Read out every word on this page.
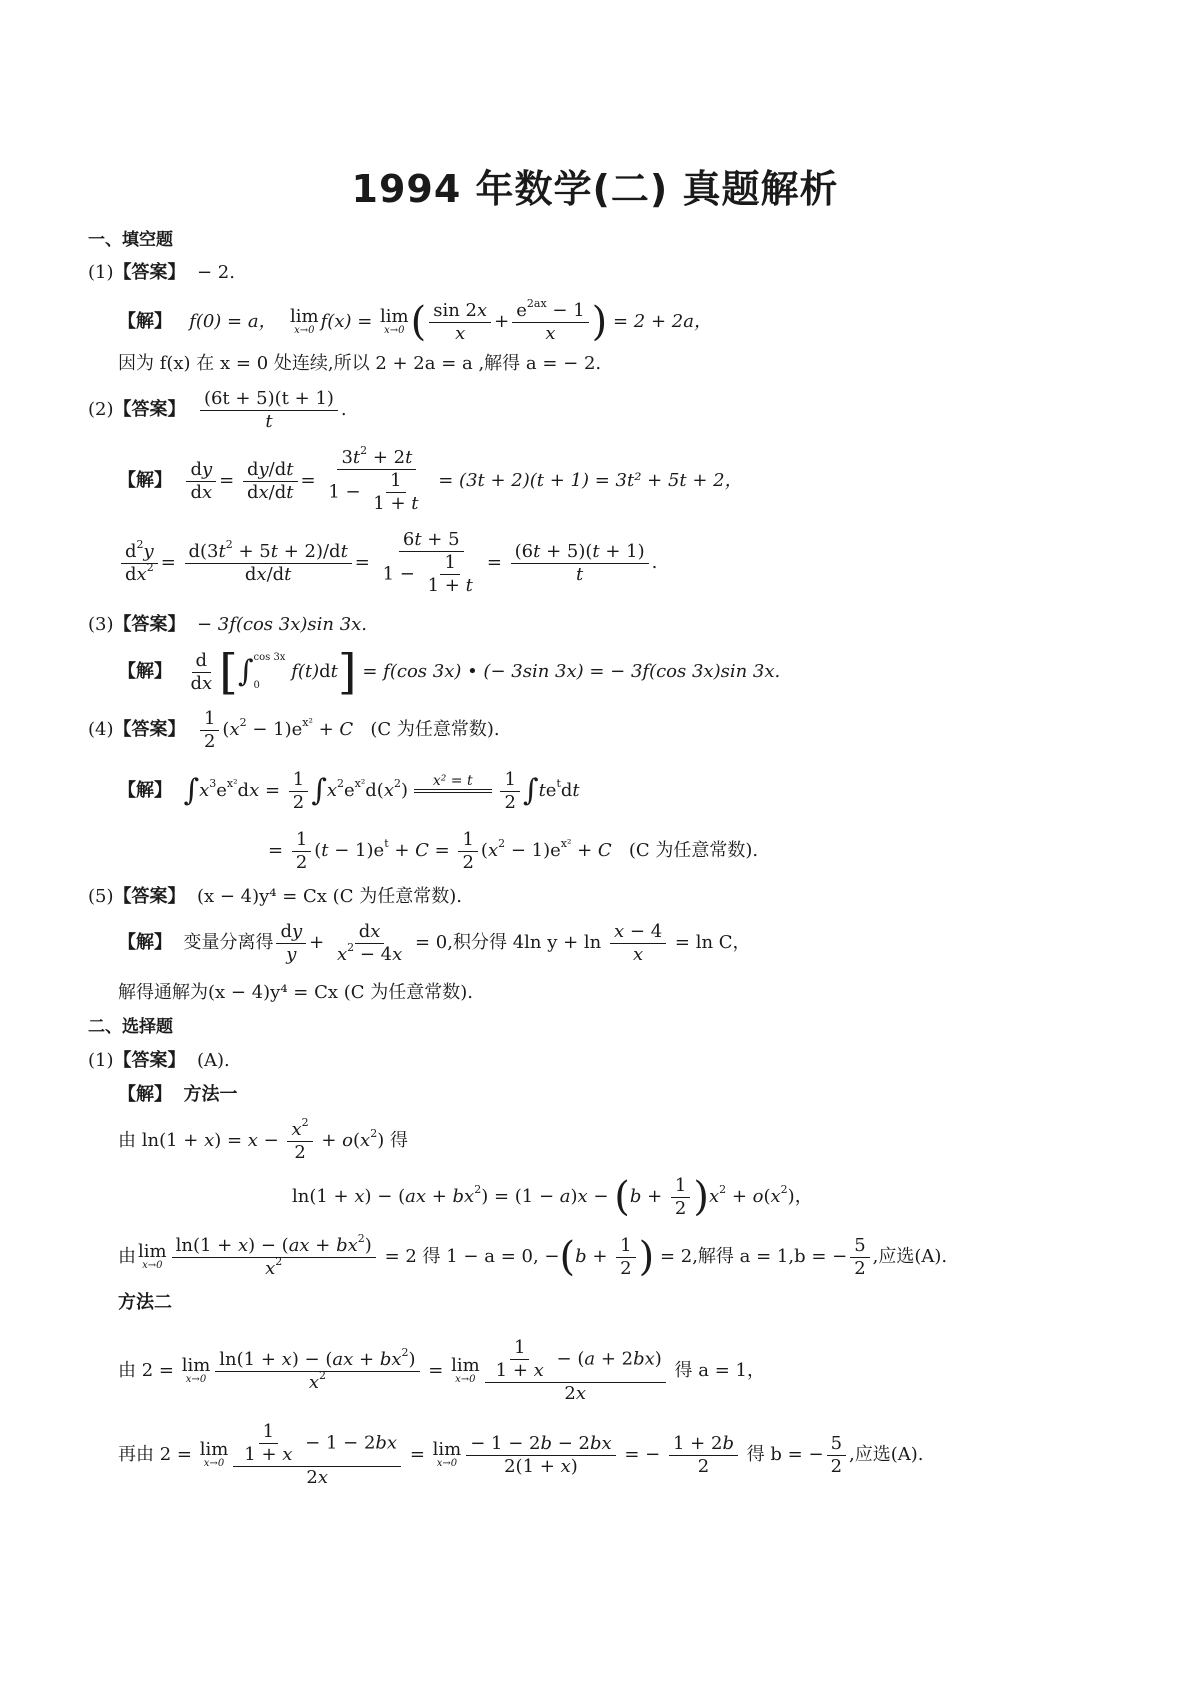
1994 年数学(二) 真题解析
一、填空题
(1)【答案】 − 2.
【解】 f(0) = a， lim
x→0 f(x) = lim
x→0 ( $\frac{\sin 2x}{x} + \frac{e^{2ax} - 1}{x}$ ) = 2 + 2a，
因为 f(x) 在 x = 0 处连续,所以 2 + 2a = a ,解得 a = − 2.
(2)【答案】 $\frac{(6t + 5)(t + 1)}{t}$ .
【解】 $\frac{dy}{dx} = \frac{dy/dt}{dx/dt} = \frac{3t^2 + 2t}{1 - \frac{1}{1 + t}} = (3t + 2)(t + 1) = 3t^2 + 5t + 2$，
$\frac{d^2y}{dx^2} = \frac{d(3t^2 + 5t + 2)/dt}{dx/dt} = \frac{6t + 5}{1 - \frac{1}{1 + t}} = \frac{(6t + 5)(t + 1)}{t}$ .
(3)【答案】 − 3f(cos 3x)sin 3x.
【解】 $\frac{d}{dx}$ [∫ cos 3x

0
f(t)dt] = f(cos 3x) • (− 3sin 3x) = − 3f(cos 3x)sin 3x.
(4)【答案】 $\frac{1}{2} (x^2 - 1)e^{x^2} + C$ (C 为任意常数).
【解】 $\int x^3e^{x^2}dx = \frac{1}{2} \int x^2e^{x^2}d(x^2) x^2 = t$

$\frac{1}{2} \int te^tdt$
= $\frac{1}{2} (t - 1)e^t + C = \frac{1}{2} (x^2 - 1)e^{x^2} + C$ (C 为任意常数).
(5)【答案】 (x − 4)y⁴ = Cx (C 为任意常数).
【解】 变量分离得 $\frac{dy}{y} + \frac{dx}{x^2 - 4x} = 0$,积分得 4ln $y + \ln \frac{x - 4}{x} = \ln C$，
解得通解为(x − 4)y⁴ = Cx (C 为任意常数).
二、选择题
(1)【答案】 (A).
【解】 方法一
由 $\ln(1 + x) = x - \frac{x^2}{2} + o(x^2)$ 得
$\ln(1 + x) - (ax + bx^2) = (1 - a)x - (b + \frac{1}{2} )x^2 + o(x^2)$，
由 lim
$x\to 0 \frac{\ln(1 + x) - (ax + bx^2)}{x^2} = 2$ 得 1 − a = 0, $-(b + \frac{1}{2}$ ) = 2,解得 a = 1,b = − $\frac{5}{2}$ ,应选(A).
方法二
由 2 = lim
$x\to 0 \frac{\ln(1 + x) - (ax + bx^2)}{x^2} = \lim$
$x\to 0 \frac{\frac{1}{1 + x} - (a + 2bx)}{2x}$ 得 a = 1，
再由 2 = lim
$x\to 0 \frac{\frac{1}{1 + x} - 1 - 2bx}{2x} = \lim$
$x\to 0 \frac{- 1 - 2b - 2bx}{2(1 + x)}$ = − $\frac{1 + 2b}{2}$ 得 b = − $\frac{5}{2}$ ,应选(A).
